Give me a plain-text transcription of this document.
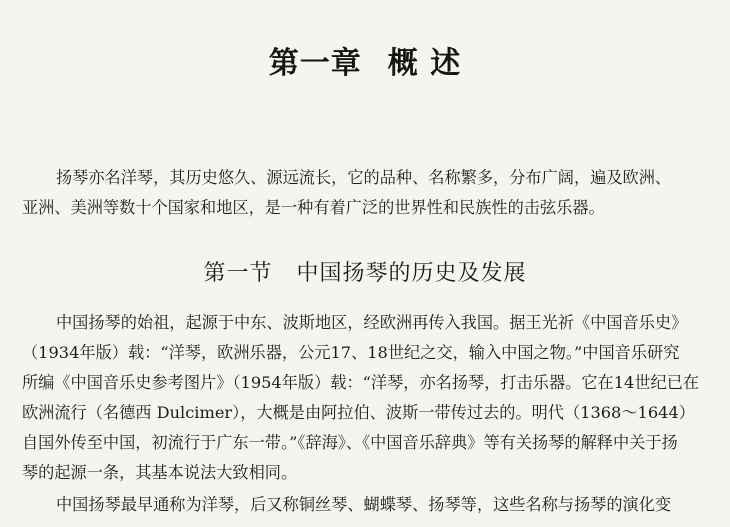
第一章 概 述
扬琴亦名洋琴，其历史悠久、源远流长，它的品种、名称繁多，分布广阔，遍及欧洲、
亚洲、美洲等数十个国家和地区，是一种有着广泛的世界性和民族性的击弦乐器。
第一节 中国扬琴的历史及发展
中国扬琴的始祖，起源于中东、波斯地区，经欧洲再传入我国。据王光祈《中国音乐史》
（1934年版）载：“洋琴，欧洲乐器，公元17、18世纪之交，输入中国之物。”中国音乐研究
所编《中国音乐史参考图片》（1954年版）载：“洋琴，亦名扬琴，打击乐器。它在14世纪已在
欧洲流行（名德西 Dulcimer），大概是由阿拉伯、波斯一带传过去的。明代（1368～1644）
自国外传至中国，初流行于广东一带。”《辞海》、《中国音乐辞典》等有关扬琴的解释中关于扬
琴的起源一条，其基本说法大致相同。
中国扬琴最早通称为洋琴，后又称铜丝琴、蝴蝶琴、扬琴等，这些名称与扬琴的演化变
